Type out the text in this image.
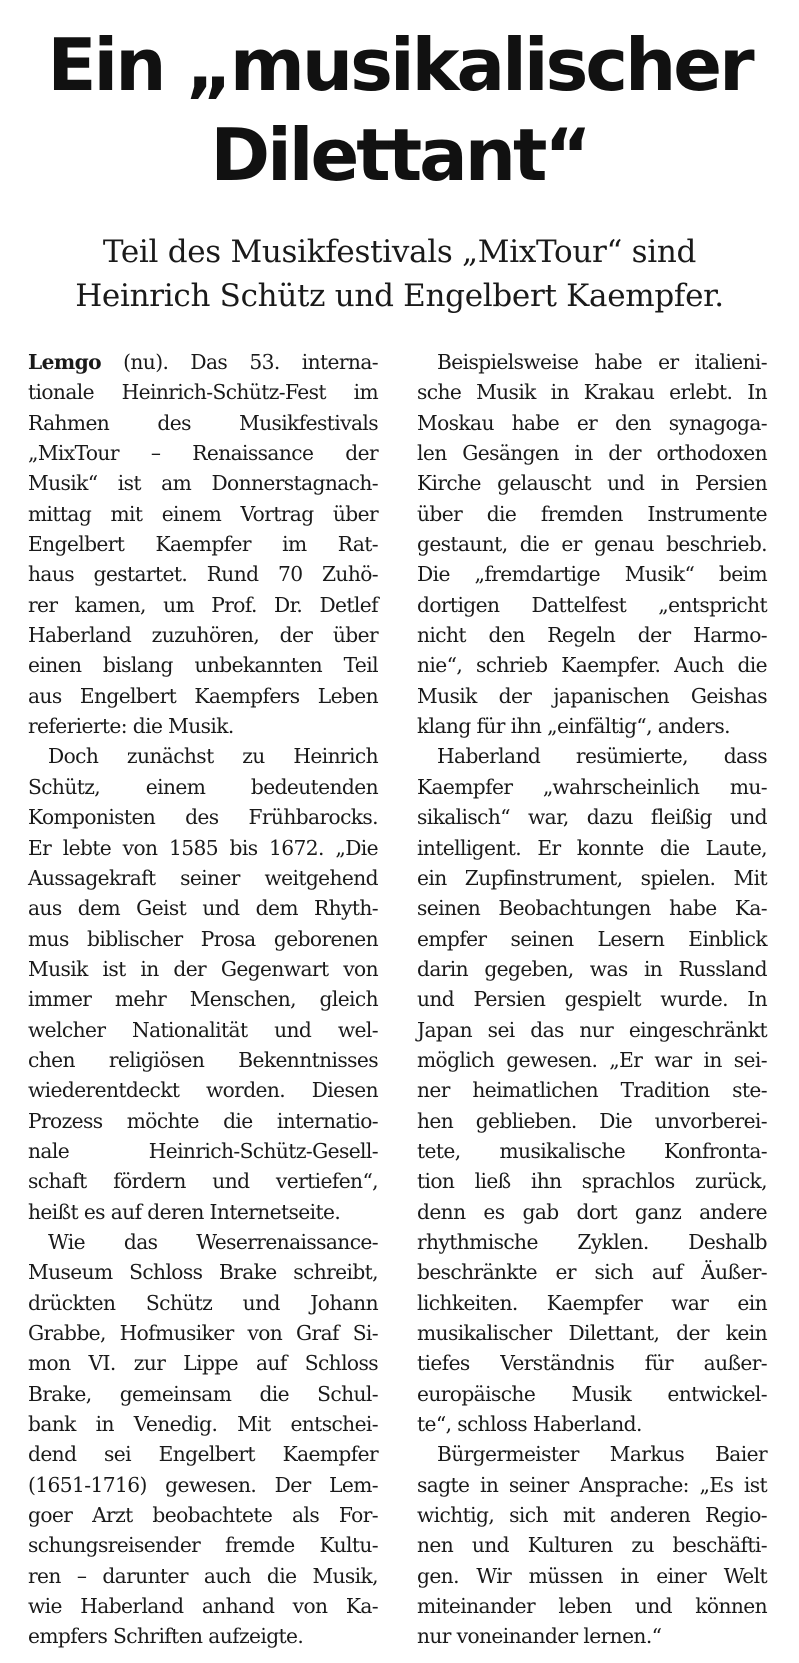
Ein „musikalischer
Dilettant“
Teil des Musikfestivals „MixTour“ sind
Heinrich Schütz und Engelbert Kaempfer.
Lemgo (nu). Das 53. interna-
tionale Heinrich-Schütz-Fest im
Rahmen des Musikfestivals
„MixTour – Renaissance der
Musik“ ist am Donnerstagnach-
mittag mit einem Vortrag über
Engelbert Kaempfer im Rat-
haus gestartet. Rund 70 Zuhö-
rer kamen, um Prof. Dr. Detlef
Haberland zuzuhören, der über
einen bislang unbekannten Teil
aus Engelbert Kaempfers Leben
referierte: die Musik.
Doch zunächst zu Heinrich
Schütz, einem bedeutenden
Komponisten des Frühbarocks.
Er lebte von 1585 bis 1672. „Die
Aussagekraft seiner weitgehend
aus dem Geist und dem Rhyth-
mus biblischer Prosa geborenen
Musik ist in der Gegenwart von
immer mehr Menschen, gleich
welcher Nationalität und wel-
chen religiösen Bekenntnisses
wiederentdeckt worden. Diesen
Prozess möchte die internatio-
nale Heinrich-Schütz-Gesell-
schaft fördern und vertiefen“,
heißt es auf deren Internetseite.
Wie das Weserrenaissance-
Museum Schloss Brake schreibt,
drückten Schütz und Johann
Grabbe, Hofmusiker von Graf Si-
mon VI. zur Lippe auf Schloss
Brake, gemeinsam die Schul-
bank in Venedig. Mit entschei-
dend sei Engelbert Kaempfer
(1651-1716) gewesen. Der Lem-
goer Arzt beobachtete als For-
schungsreisender fremde Kultu-
ren – darunter auch die Musik,
wie Haberland anhand von Ka-
empfers Schriften aufzeigte.
Beispielsweise habe er italieni-
sche Musik in Krakau erlebt. In
Moskau habe er den synagoga-
len Gesängen in der orthodoxen
Kirche gelauscht und in Persien
über die fremden Instrumente
gestaunt, die er genau beschrieb.
Die „fremdartige Musik“ beim
dortigen Dattelfest „entspricht
nicht den Regeln der Harmo-
nie“, schrieb Kaempfer. Auch die
Musik der japanischen Geishas
klang für ihn „einfältig“, anders.
Haberland resümierte, dass
Kaempfer „wahrscheinlich mu-
sikalisch“ war, dazu fleißig und
intelligent. Er konnte die Laute,
ein Zupfinstrument, spielen. Mit
seinen Beobachtungen habe Ka-
empfer seinen Lesern Einblick
darin gegeben, was in Russland
und Persien gespielt wurde. In
Japan sei das nur eingeschränkt
möglich gewesen. „Er war in sei-
ner heimatlichen Tradition ste-
hen geblieben. Die unvorberei-
tete, musikalische Konfronta-
tion ließ ihn sprachlos zurück,
denn es gab dort ganz andere
rhythmische Zyklen. Deshalb
beschränkte er sich auf Äußer-
lichkeiten. Kaempfer war ein
musikalischer Dilettant, der kein
tiefes Verständnis für außer-
europäische Musik entwickel-
te“, schloss Haberland.
Bürgermeister Markus Baier
sagte in seiner Ansprache: „Es ist
wichtig, sich mit anderen Regio-
nen und Kulturen zu beschäfti-
gen. Wir müssen in einer Welt
miteinander leben und können
nur voneinander lernen.“
